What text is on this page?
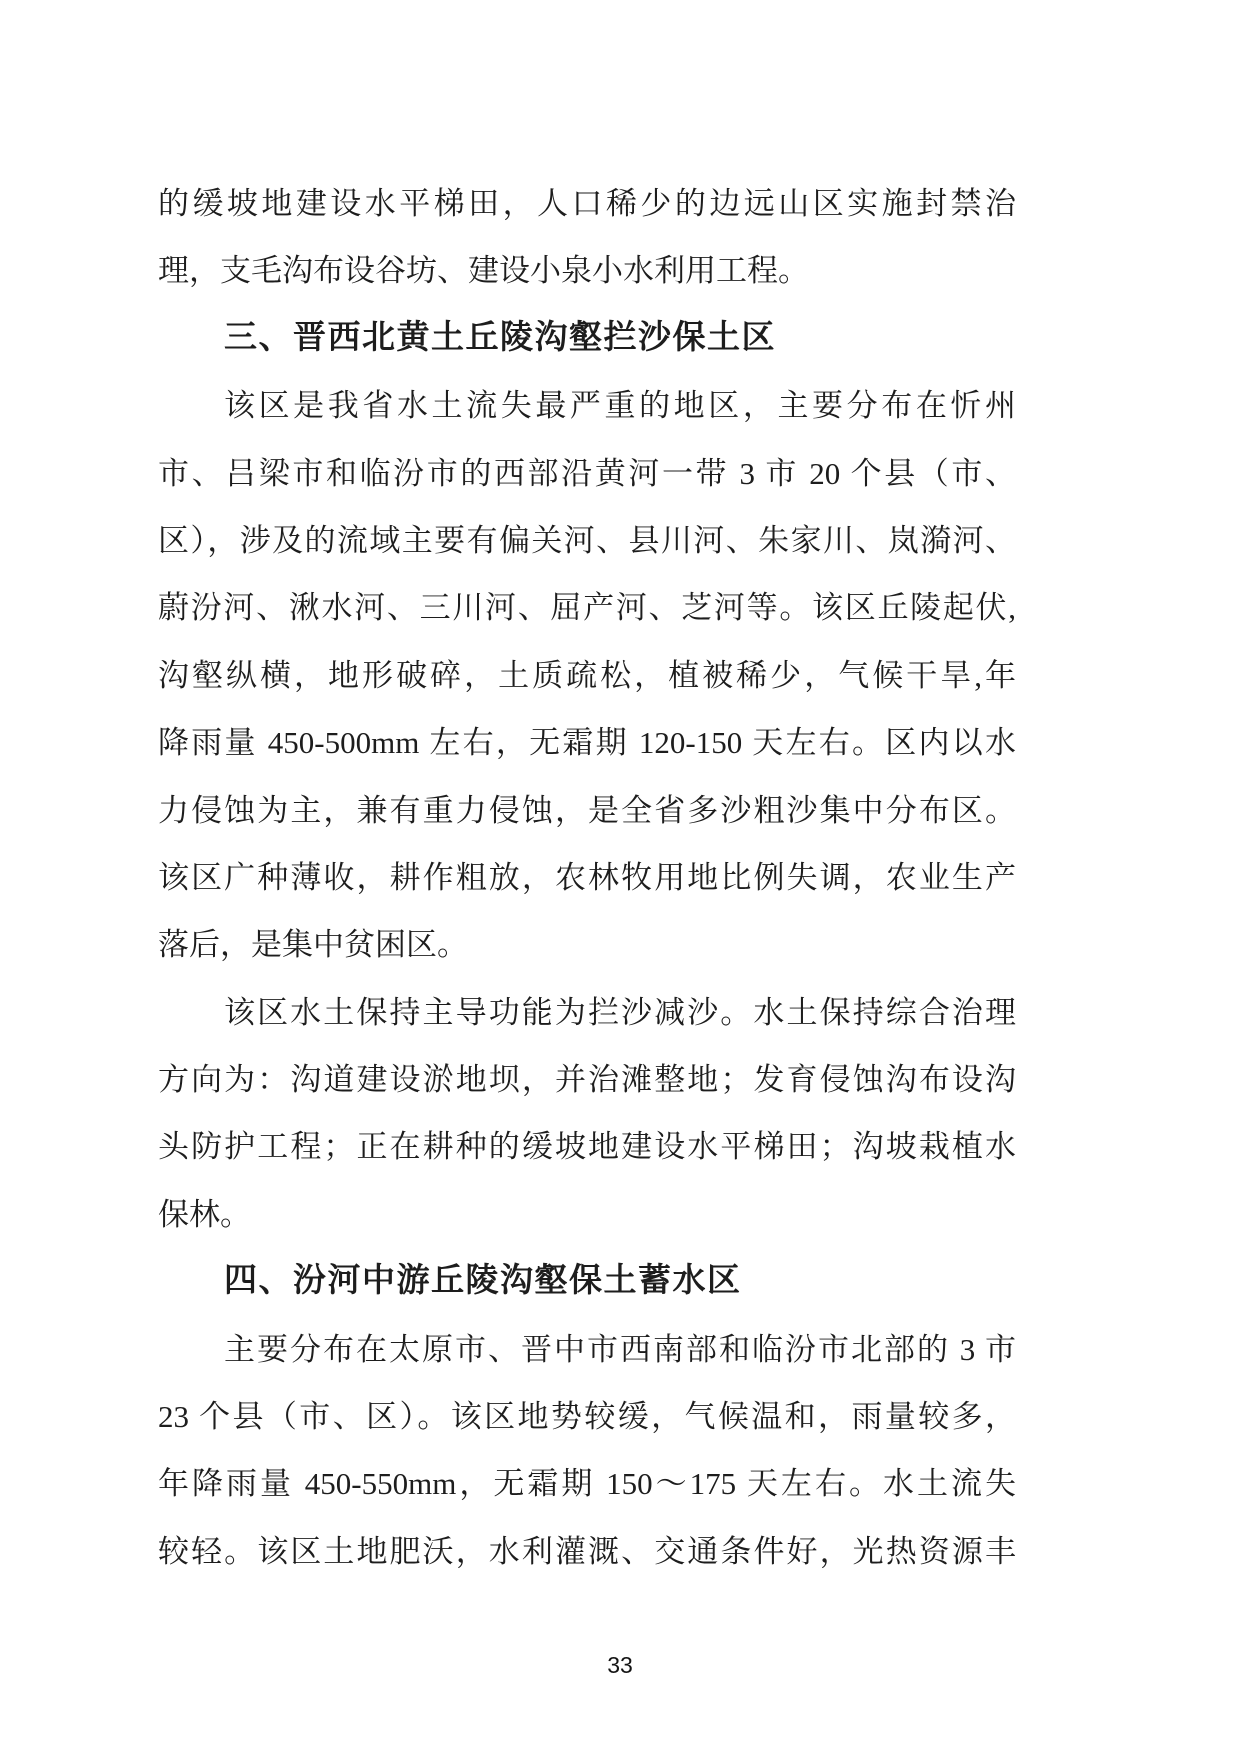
的缓坡地建设水平梯田，人口稀少的边远山区实施封禁治
理，支毛沟布设谷坊、建设小泉小水利用工程。
三、晋西北黄土丘陵沟壑拦沙保土区
该区是我省水土流失最严重的地区，主要分布在忻州
市、吕梁市和临汾市的西部沿黄河一带 3 市 20 个县（市、
区），涉及的流域主要有偏关河、县川河、朱家川、岚漪河、
蔚汾河、湫水河、三川河、屈产河、芝河等。该区丘陵起伏,
沟壑纵横，地形破碎，土质疏松，植被稀少，气候干旱,年
降雨量 450-500mm 左右，无霜期 120-150 天左右。区内以水
力侵蚀为主，兼有重力侵蚀，是全省多沙粗沙集中分布区。
该区广种薄收，耕作粗放，农林牧用地比例失调，农业生产
落后，是集中贫困区。
该区水土保持主导功能为拦沙减沙。水土保持综合治理
方向为：沟道建设淤地坝，并治滩整地；发育侵蚀沟布设沟
头防护工程；正在耕种的缓坡地建设水平梯田；沟坡栽植水
保林。
四、汾河中游丘陵沟壑保土蓄水区
主要分布在太原市、晋中市西南部和临汾市北部的 3 市
23 个县（市、区）。该区地势较缓，气候温和，雨量较多，
年降雨量 450-550mm，无霜期 150～175 天左右。水土流失
较轻。该区土地肥沃，水利灌溉、交通条件好，光热资源丰
33
